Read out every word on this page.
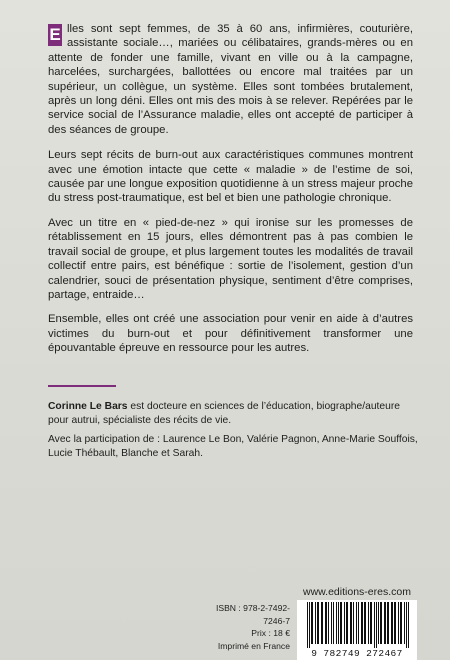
E lles sont sept femmes, de 35 à 60 ans, infirmières, couturière, assistante sociale…, mariées ou célibataires, grands-mères ou en attente de fonder une famille, vivant en ville ou à la campagne, harcelées, surchargées, ballottées ou encore mal traitées par un supérieur, un collègue, un système. Elles sont tombées brutalement, après un long déni. Elles ont mis des mois à se relever. Repérées par le service social de l’Assurance maladie, elles ont accepté de participer à des séances de groupe.

Leurs sept récits de burn-out aux caractéristiques communes montrent avec une émotion intacte que cette « maladie » de l’estime de soi, causée par une longue exposition quotidienne à un stress majeur proche du stress post-traumatique, est bel et bien une pathologie chronique.

Avec un titre en « pied-de-nez » qui ironise sur les promesses de rétablissement en 15 jours, elles démontrent pas à pas combien le travail social de groupe, et plus largement toutes les modalités de travail collectif entre pairs, est bénéfique : sortie de l’isolement, gestion d’un calendrier, souci de présentation physique, sentiment d’être comprises, partage, entraide…

Ensemble, elles ont créé une association pour venir en aide à d’autres victimes du burn-out et pour définitivement transformer une épouvantable épreuve en ressource pour les autres.

Corinne Le Bars est docteure en sciences de l’éducation, biographe/auteure pour autrui, spécialiste des récits de vie.
Avec la participation de : Laurence Le Bon, Valérie Pagnon, Anne-Marie Souffois, Lucie Thébault, Blanche et Sarah.
www.editions-eres.com
ISBN : 978-2-7492-7246-7
Prix : 18 €
Imprimé en France
9 782749 272467
